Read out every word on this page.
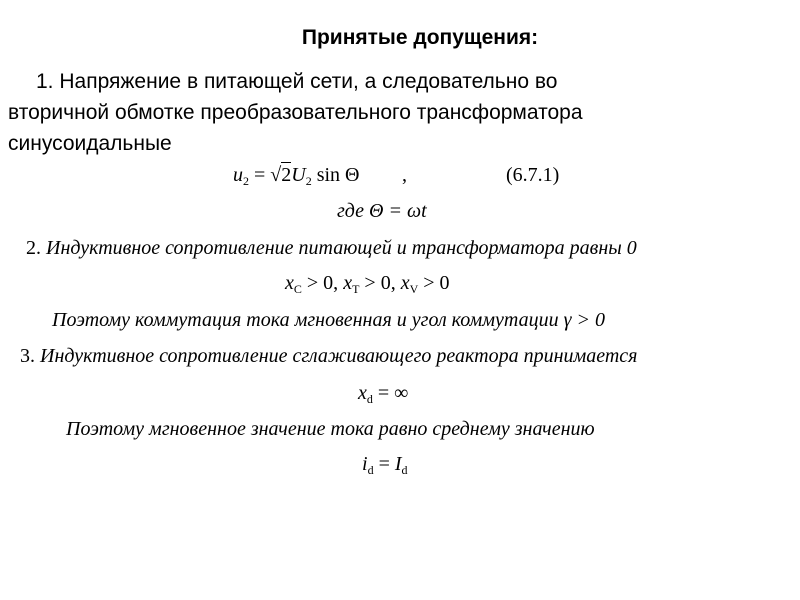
Принятые допущения:
1. Напряжение в питающей сети, а следовательно во
вторичной обмотке преобразовательного трансформатора
синусоидальные
$u_2 = √2U_2$ sin Θ ,	(6.7.1)
где Θ = ωt
2. Индуктивное сопротивление питающей и трансформатора равны 0
$x_C > 0$, $x_T > 0$, $x_V > 0$
Поэтому коммутация тока мгновенная и угол коммутации γ > 0
3. Индуктивное сопротивление сглаживающего реактора принимается
$x_d$ = ∞
Поэтому мгновенное значение тока равно среднему значению
$i_d = I_d$
